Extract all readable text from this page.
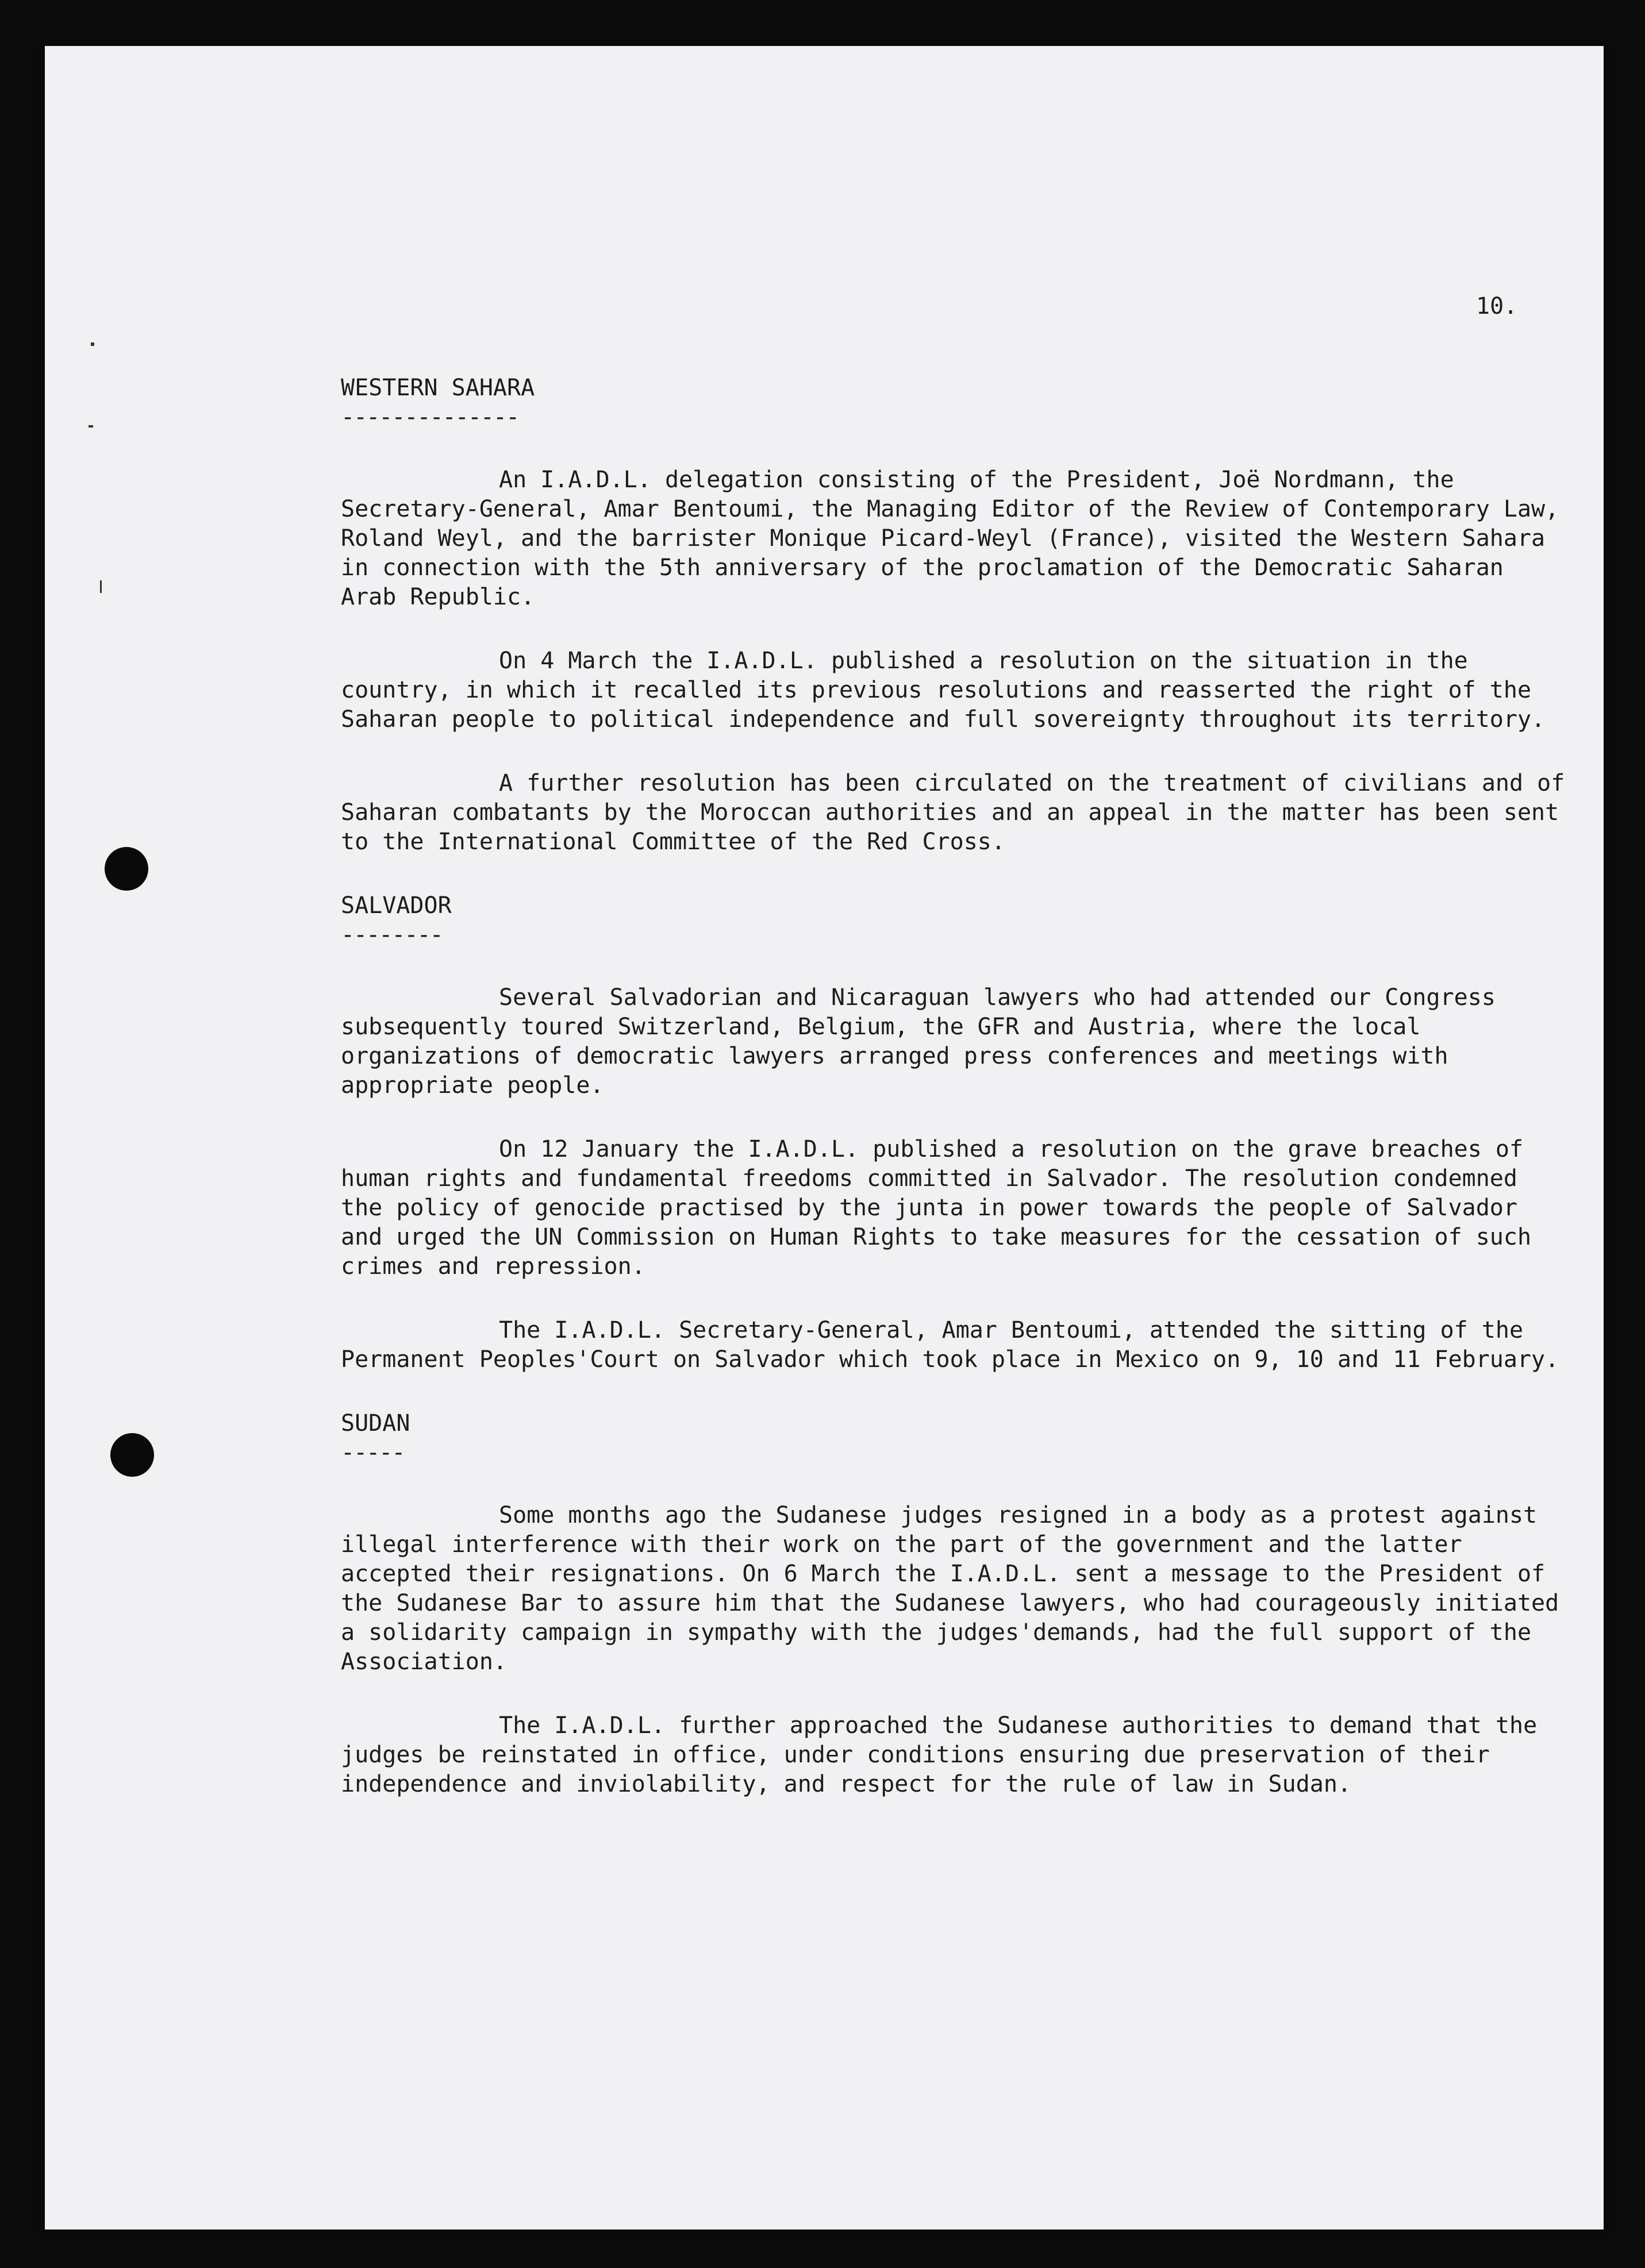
10.
WESTERN SAHARA
--------------

An I.A.D.L. delegation consisting of the President, Joë Nordmann, the Secretary-General, Amar Bentoumi, the Managing Editor of the Review of Contemporary Law, Roland Weyl, and the barrister Monique Picard-Weyl (France), visited the Western Sahara in connection with the 5th anniversary of the proclamation of the Democratic Saharan Arab Republic.

On 4 March the I.A.D.L. published a resolution on the situation in the country, in which it recalled its previous resolutions and reasserted the right of the Saharan people to political independence and full sovereignty throughout its territory.

A further resolution has been circulated on the treatment of civilians and of Saharan combatants by the Moroccan authorities and an appeal in the matter has been sent to the International Committee of the Red Cross.

SALVADOR
--------

Several Salvadorian and Nicaraguan lawyers who had attended our Congress subsequently toured Switzerland, Belgium, the GFR and Austria, where the local organizations of democratic lawyers arranged press conferences and meetings with appropriate people.

On 12 January the I.A.D.L. published a resolution on the grave breaches of human rights and fundamental freedoms committed in Salvador. The resolution condemned the policy of genocide practised by the junta in power towards the people of Salvador and urged the UN Commission on Human Rights to take measures for the cessation of such crimes and repression.

The I.A.D.L. Secretary-General, Amar Bentoumi, attended the sitting of the Permanent Peoples'Court on Salvador which took place in Mexico on 9, 10 and 11 February.

SUDAN
-----

Some months ago the Sudanese judges resigned in a body as a protest against illegal interference with their work on the part of the government and the latter accepted their resignations. On 6 March the I.A.D.L. sent a message to the President of the Sudanese Bar to assure him that the Sudanese lawyers, who had courageously initiated a solidarity campaign in sympathy with the judges'demands, had the full support of the Association.

The I.A.D.L. further approached the Sudanese authorities to demand that the judges be reinstated in office, under conditions ensuring due preservation of their independence and inviolability, and respect for the rule of law in Sudan.
